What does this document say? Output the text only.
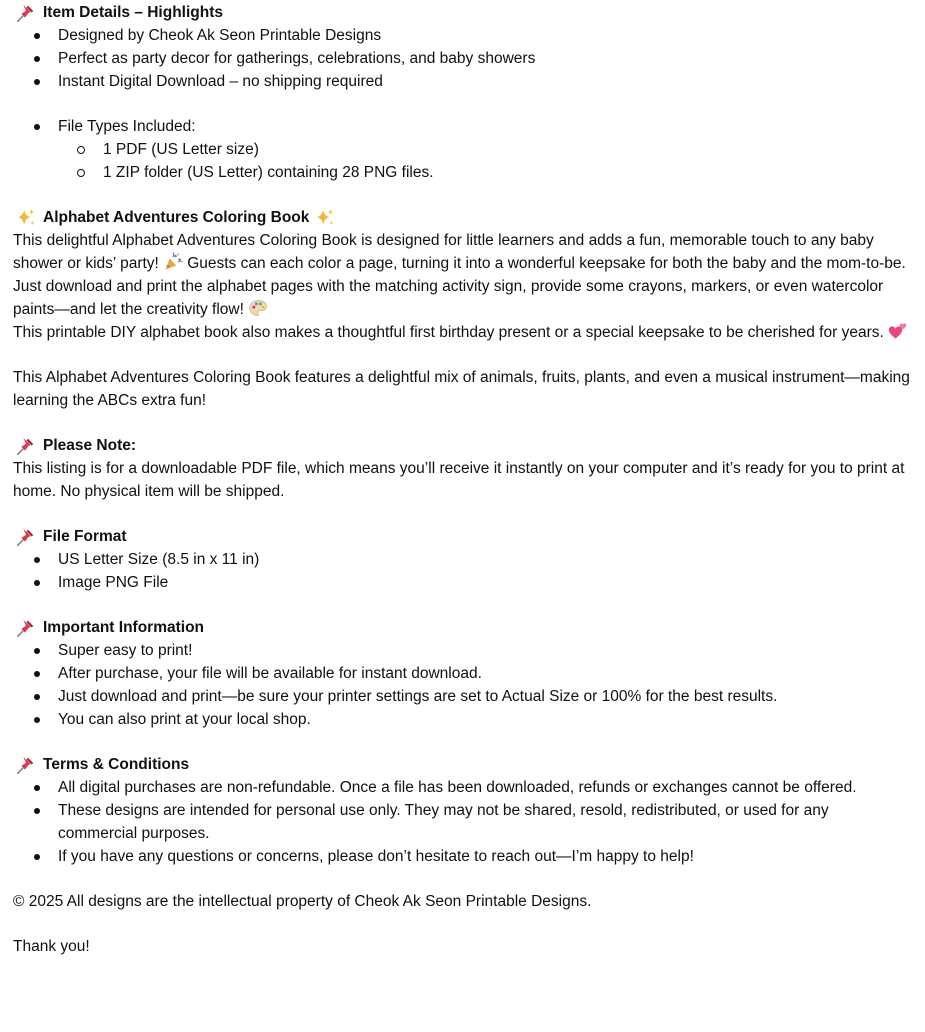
Item Details – Highlights
Designed by Cheok Ak Seon Printable Designs
Perfect as party decor for gatherings, celebrations, and baby showers
Instant Digital Download – no shipping required
File Types Included:
1 PDF (US Letter size)
1 ZIP folder (US Letter) containing 28 PNG files.
Alphabet Adventures Coloring Book

This delightful Alphabet Adventures Coloring Book is designed for little learners and adds a fun, memorable touch to any baby shower or kids’ party! Guests can each color a page, turning it into a wonderful keepsake for both the baby and the mom-to-be.

Just download and print the alphabet pages with the matching activity sign, provide some crayons, markers, or even watercolor paints—and let the creativity flow!

This printable DIY alphabet book also makes a thoughtful first birthday present or a special keepsake to be cherished for years.

This Alphabet Adventures Coloring Book features a delightful mix of animals, fruits, plants, and even a musical instrument—making learning the ABCs extra fun!

Please Note:

This listing is for a downloadable PDF file, which means you’ll receive it instantly on your computer and it’s ready for you to print at home. No physical item will be shipped.

File Format
US Letter Size (8.5 in x 11 in)
Image PNG File
Important Information
Super easy to print!
After purchase, your file will be available for instant download.
Just download and print—be sure your printer settings are set to Actual Size or 100% for the best results.
You can also print at your local shop.
Terms & Conditions
All digital purchases are non-refundable. Once a file has been downloaded, refunds or exchanges cannot be offered.
These designs are intended for personal use only. They may not be shared, resold, redistributed, or used for any commercial purposes.
If you have any questions or concerns, please don’t hesitate to reach out—I’m happy to help!

© 2025 All designs are the intellectual property of Cheok Ak Seon Printable Designs.

Thank you!
